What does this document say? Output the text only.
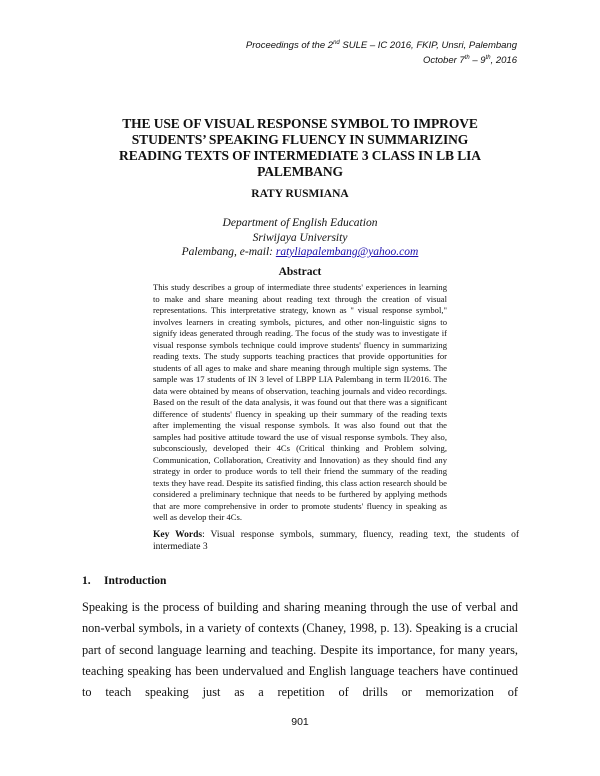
Proceedings of the 2nd SULE – IC 2016, FKIP, Unsri, Palembang
October 7th – 9th, 2016
THE USE OF VISUAL RESPONSE SYMBOL TO IMPROVE STUDENTS’ SPEAKING FLUENCY IN SUMMARIZING READING TEXTS OF INTERMEDIATE 3 CLASS IN LB LIA PALEMBANG
RATY RUSMIANA
Department of English Education
Sriwijaya University
Palembang, e-mail: ratyliapalembang@yahoo.com
Abstract
This study describes a group of intermediate three students' experiences in learning to make and share meaning about reading text through the creation of visual representations. This interpretative strategy, known as " visual response symbol," involves learners in creating symbols, pictures, and other non-linguistic signs to signify ideas generated through reading. The focus of the study was to investigate if visual response symbols technique could improve students' fluency in summarizing reading texts. The study supports teaching practices that provide opportunities for students of all ages to make and share meaning through multiple sign systems. The sample was 17 students of IN 3 level of LBPP LIA Palembang in term II/2016. The data were obtained by means of observation, teaching journals and video recordings. Based on the result of the data analysis, it was found out that there was a significant difference of students' fluency in speaking up their summary of the reading texts after implementing the visual response symbols. It was also found out that the samples had positive attitude toward the use of visual response symbols. They also, subconsciously, developed their 4Cs (Critical thinking and Problem solving, Communication, Collaboration, Creativity and Innovation) as they should find any strategy in order to produce words to tell their friend the summary of the reading texts they have read. Despite its satisfied finding, this class action research should be considered a preliminary technique that needs to be furthered by applying methods that are more comprehensive in order to promote students' fluency in speaking as well as develop their 4Cs.
Key Words: Visual response symbols, summary, fluency, reading text, the students of intermediate 3
1. Introduction
Speaking is the process of building and sharing meaning through the use of verbal and non-verbal symbols, in a variety of contexts (Chaney, 1998, p. 13). Speaking is a crucial part of second language learning and teaching. Despite its importance, for many years, teaching speaking has been undervalued and English language teachers have continued to teach speaking just as a repetition of drills or memorization of
901
